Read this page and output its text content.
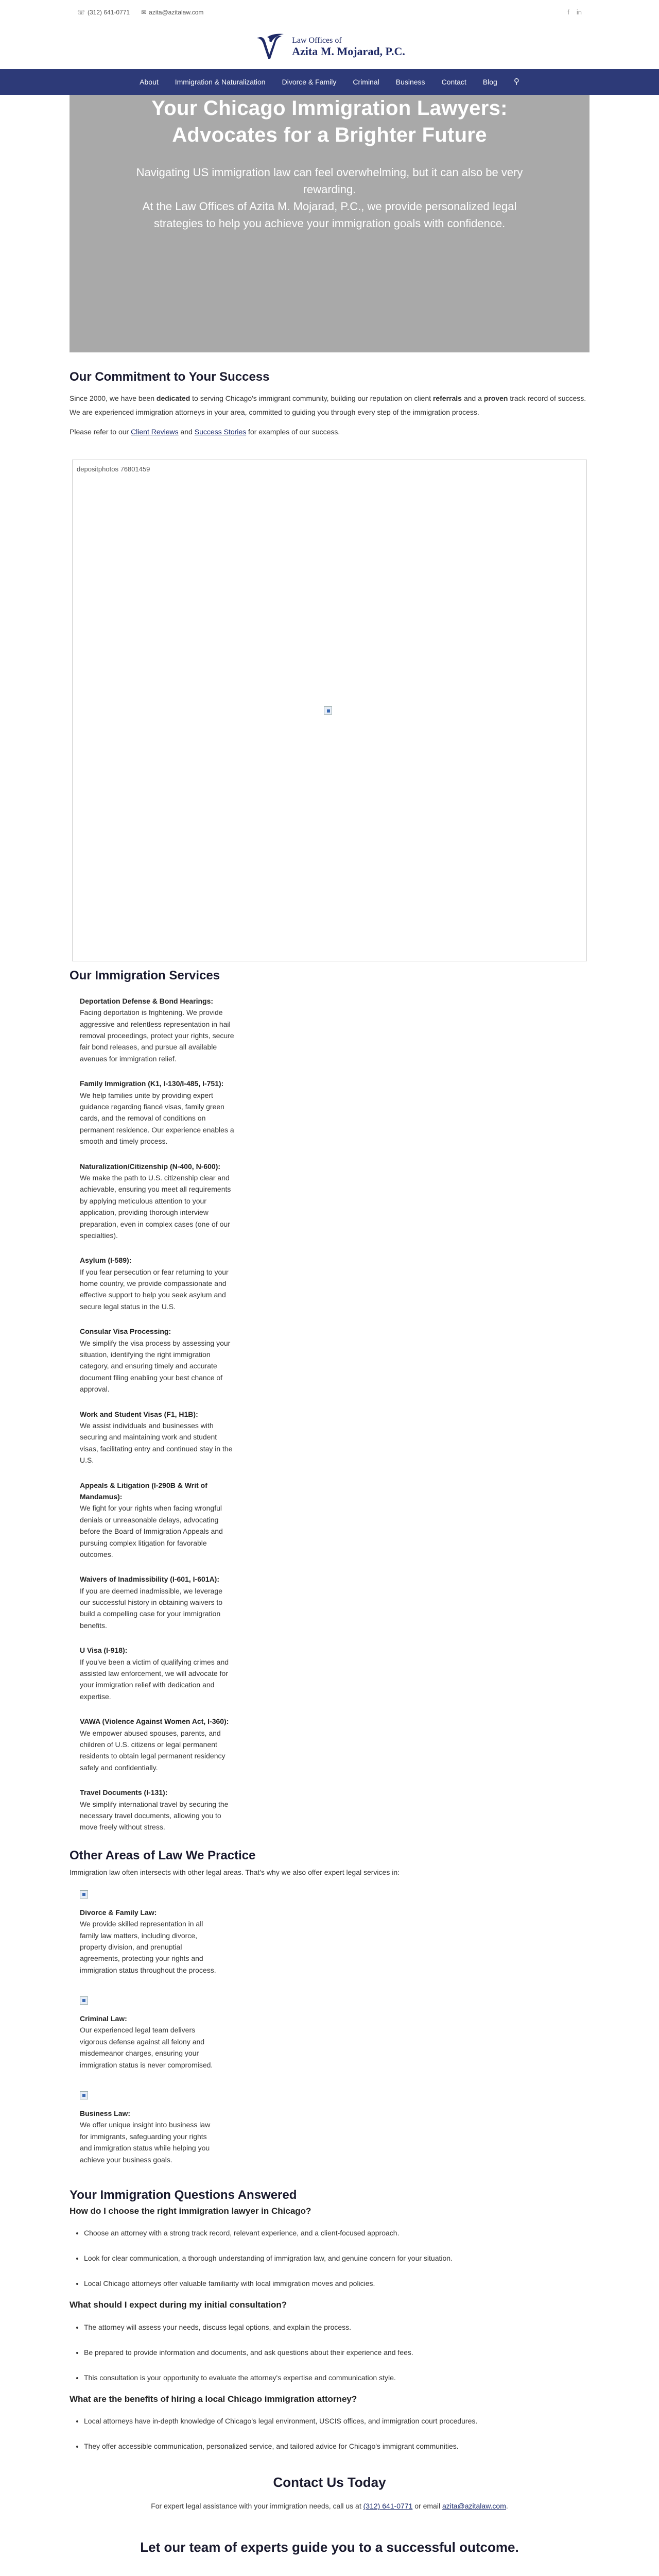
☏ (312) 641-0771 ✉ azita@azitalaw.com	f in
Law Offices of
Azita M. Mojarad, P.C.
About	Immigration & Naturalization	Divorce & Family	Criminal	Business	Contact	Blog	⚲
Your Chicago Immigration Lawyers: Advocates for a Brighter Future

Navigating US immigration law can feel overwhelming, but it can also be very rewarding.
At the Law Offices of Azita M. Mojarad, P.C., we provide personalized legal strategies to help you achieve your immigration goals with confidence.

Our Commitment to Your Success

Since 2000, we have been dedicated to serving Chicago's immigrant community, building our reputation on client referrals and a proven track record of success. We are experienced immigration attorneys in your area, committed to guiding you through every step of the immigration process.

Please refer to our Client Reviews and Success Stories for examples of our success.

depositphotos 76801459
Our Immigration Services
Deportation Defense & Bond Hearings:
Facing deportation is frightening. We provide aggressive and relentless representation in hail removal proceedings, protect your rights, secure fair bond releases, and pursue all available avenues for immigration relief.
Family Immigration (K1, I-130/I-485, I-751):
We help families unite by providing expert guidance regarding fiancé visas, family green cards, and the removal of conditions on permanent residence. Our experience enables a smooth and timely process.
Naturalization/Citizenship (N-400, N-600):
We make the path to U.S. citizenship clear and achievable, ensuring you meet all requirements by applying meticulous attention to your application, providing thorough interview preparation, even in complex cases (one of our specialties).
Asylum (I-589):
If you fear persecution or fear returning to your home country, we provide compassionate and effective support to help you seek asylum and secure legal status in the U.S.
Consular Visa Processing:
We simplify the visa process by assessing your situation, identifying the right immigration category, and ensuring timely and accurate document filing enabling your best chance of approval.
Work and Student Visas (F1, H1B):
We assist individuals and businesses with securing and maintaining work and student visas, facilitating entry and continued stay in the U.S.
Appeals & Litigation (I-290B & Writ of Mandamus):
We fight for your rights when facing wrongful denials or unreasonable delays, advocating before the Board of Immigration Appeals and pursuing complex litigation for favorable outcomes.
Waivers of Inadmissibility (I-601, I-601A):
If you are deemed inadmissible, we leverage our successful history in obtaining waivers to build a compelling case for your immigration benefits.
U Visa (I-918):
If you've been a victim of qualifying crimes and assisted law enforcement, we will advocate for your immigration relief with dedication and expertise.
VAWA (Violence Against Women Act, I-360):
We empower abused spouses, parents, and children of U.S. citizens or legal permanent residents to obtain legal permanent residency safely and confidentially.
Travel Documents (I-131):
We simplify international travel by securing the necessary travel documents, allowing you to move freely without stress.
Other Areas of Law We Practice

Immigration law often intersects with other legal areas. That's why we also offer expert legal services in:

Divorce & Family Law:
We provide skilled representation in all family law matters, including divorce, property division, and prenuptial agreements, protecting your rights and immigration status throughout the process.
Criminal Law:
Our experienced legal team delivers vigorous defense against all felony and misdemeanor charges, ensuring your immigration status is never compromised.
Business Law:
We offer unique insight into business law for immigrants, safeguarding your rights and immigration status while helping you achieve your business goals.
Your Immigration Questions Answered
How do I choose the right immigration lawyer in Chicago?
• Choose an attorney with a strong track record, relevant experience, and a client-focused approach.
• Look for clear communication, a thorough understanding of immigration law, and genuine concern for your situation.
• Local Chicago attorneys offer valuable familiarity with local immigration moves and policies.
What should I expect during my initial consultation?
• The attorney will assess your needs, discuss legal options, and explain the process.
• Be prepared to provide information and documents, and ask questions about their experience and fees.
• This consultation is your opportunity to evaluate the attorney's expertise and communication style.
What are the benefits of hiring a local Chicago immigration attorney?
• Local attorneys have in-depth knowledge of Chicago's legal environment, USCIS offices, and immigration court procedures.
• They offer accessible communication, personalized service, and tailored advice for Chicago's immigrant communities.
Contact Us Today

For expert legal assistance with your immigration needs, call us at (312) 641-0771 or email azita@azitalaw.com.

Let our team of experts guide you to a successful outcome.
